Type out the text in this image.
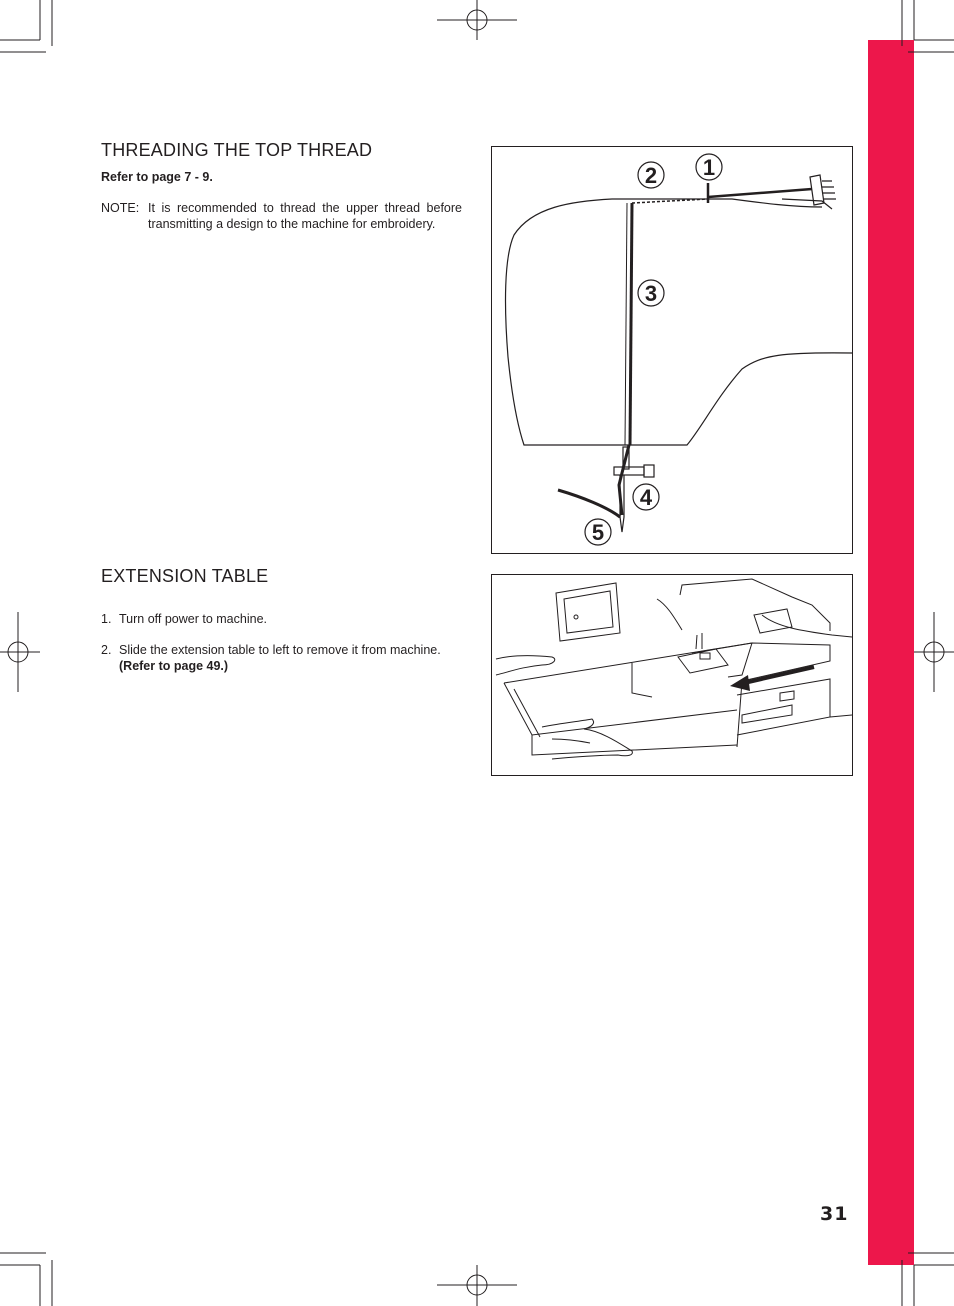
THREADING THE TOP THREAD
Refer to page 7 - 9.
NOTE: It is recommended to thread the upper thread before transmitting a design to the machine for embroidery.
1
2
3
4
5
EXTENSION TABLE
1. Turn off power to machine.
2. Slide the extension table to left to remove it from machine.
(Refer to page 49.)
31
